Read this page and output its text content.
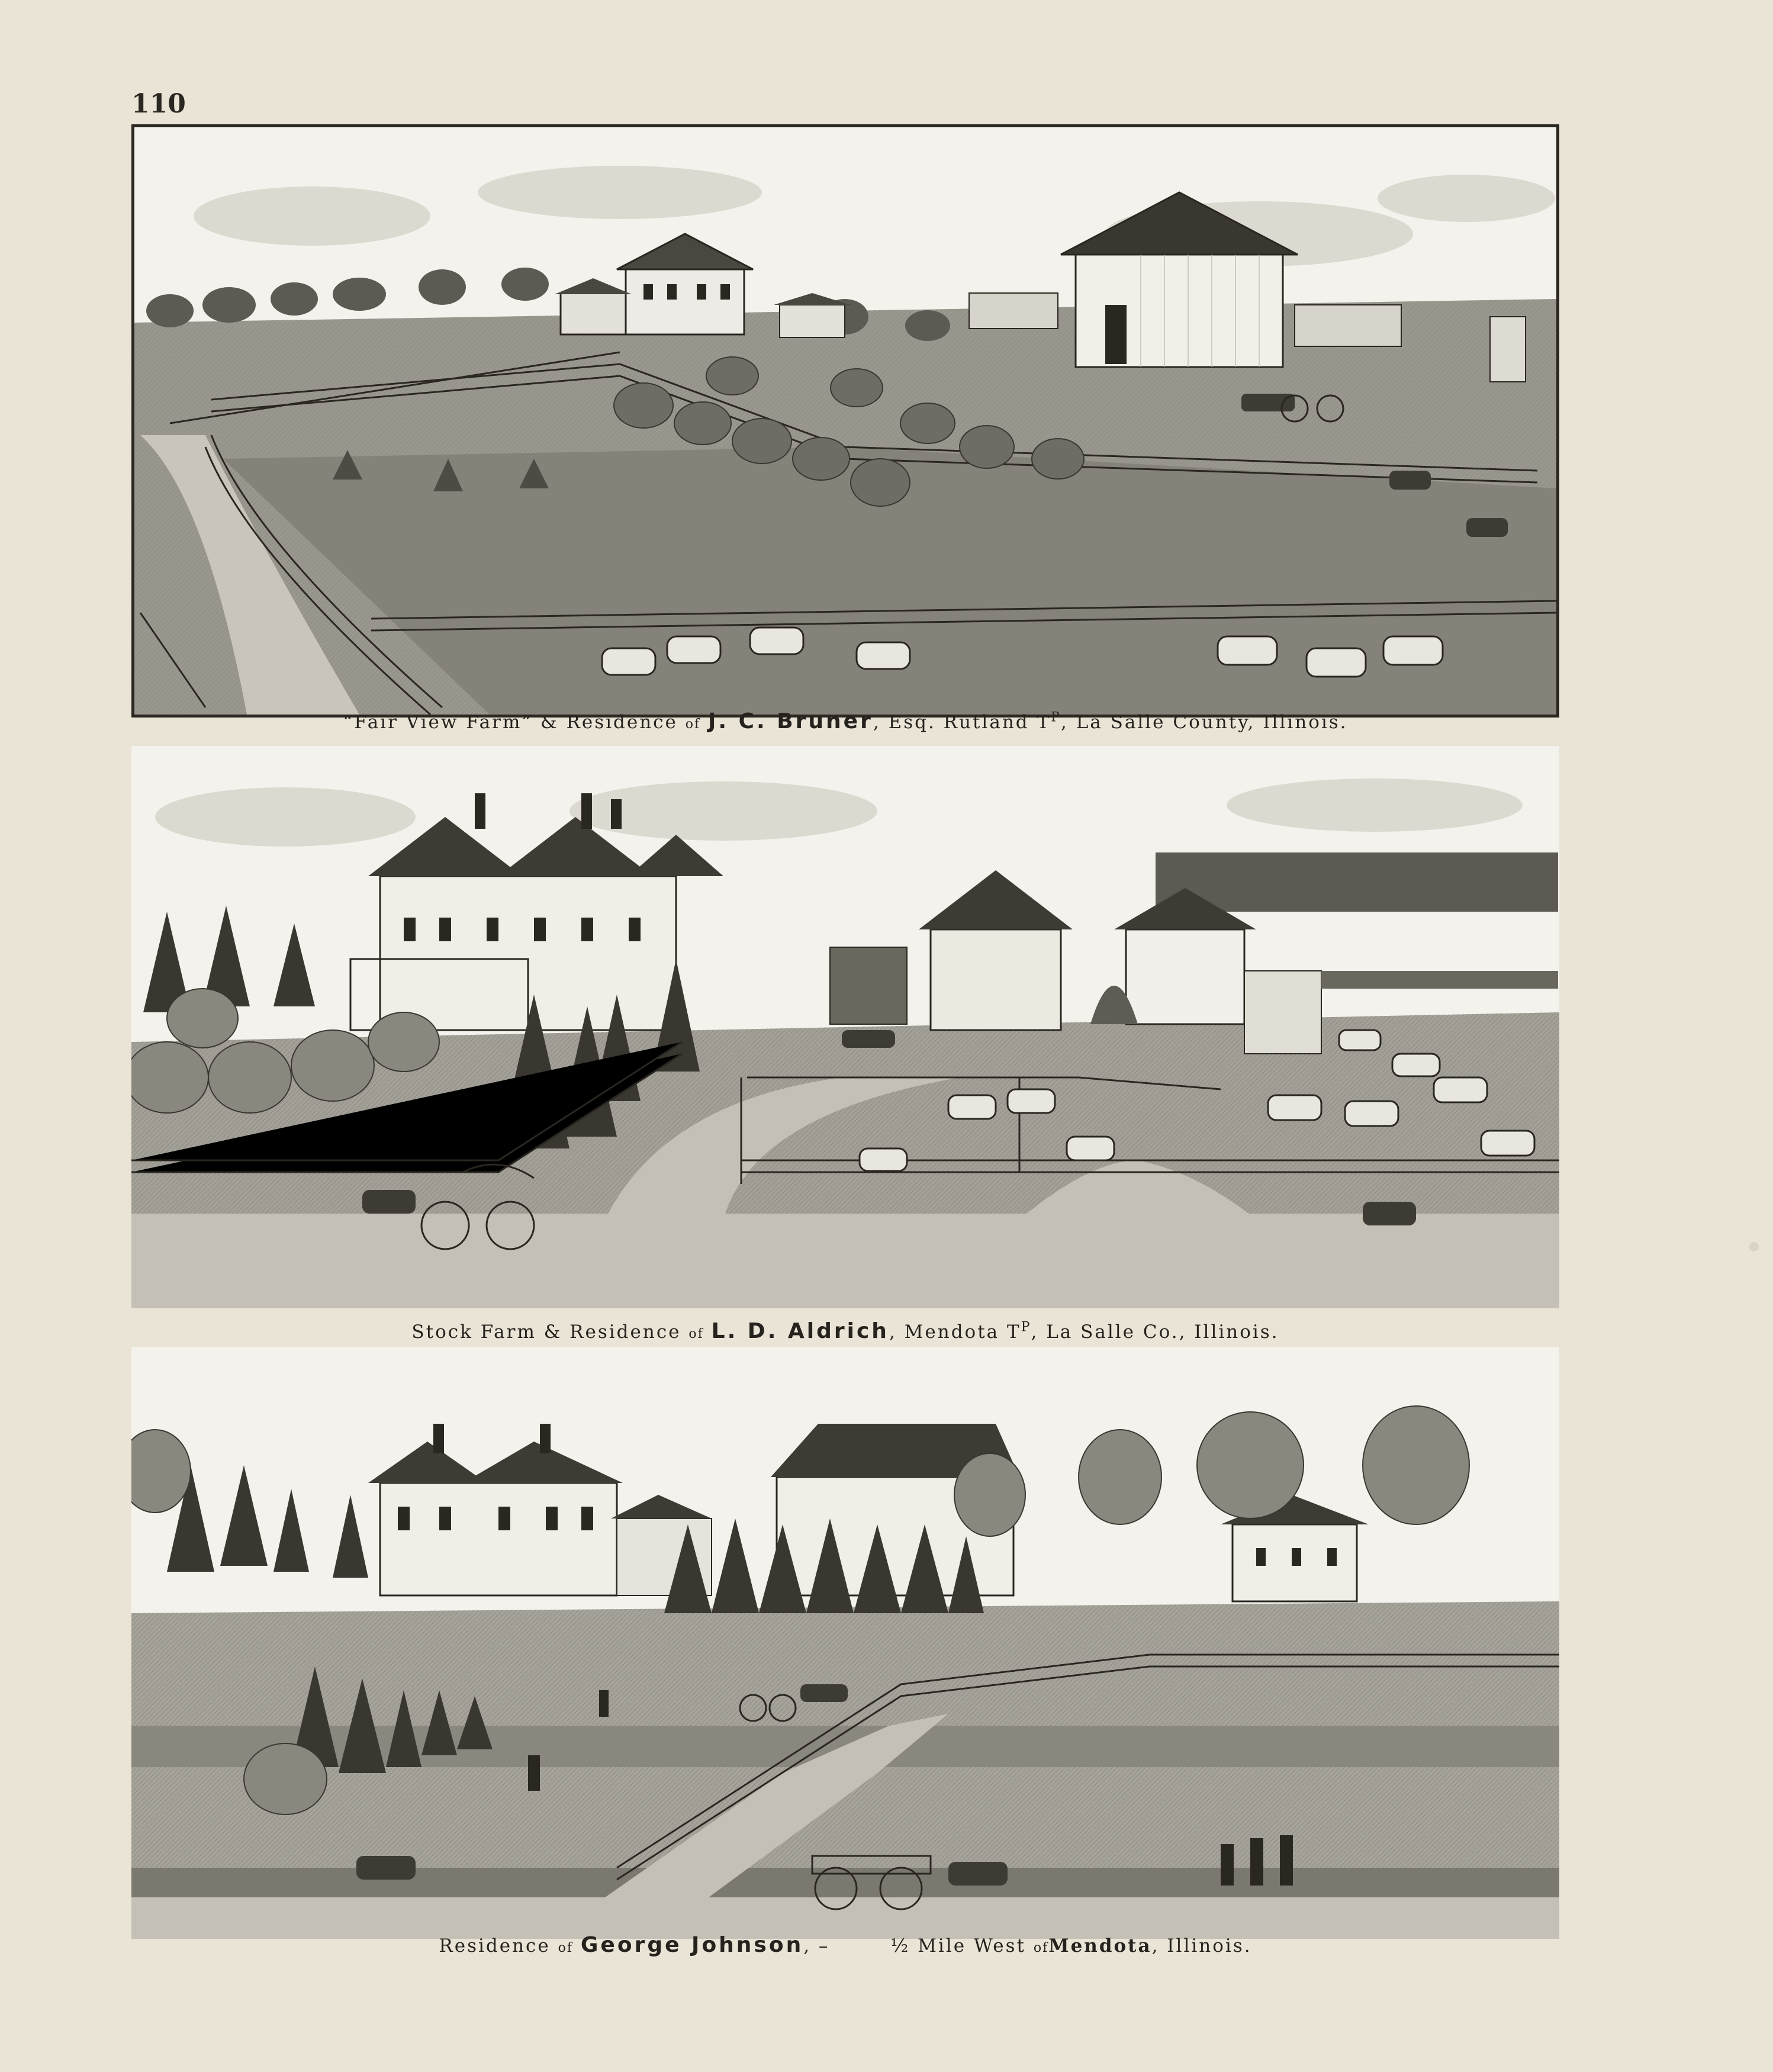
110
“Fair View Farm” & Residence of J. C. Bruner, Esq. Rutland $T^P$, La Salle County, Illinois.
Stock Farm & Residence of L. D. Aldrich, Mendota $T^P$, La Salle Co., Illinois.
Residence of George Johnson, –	½ Mile West ofMendota, Illinois.
